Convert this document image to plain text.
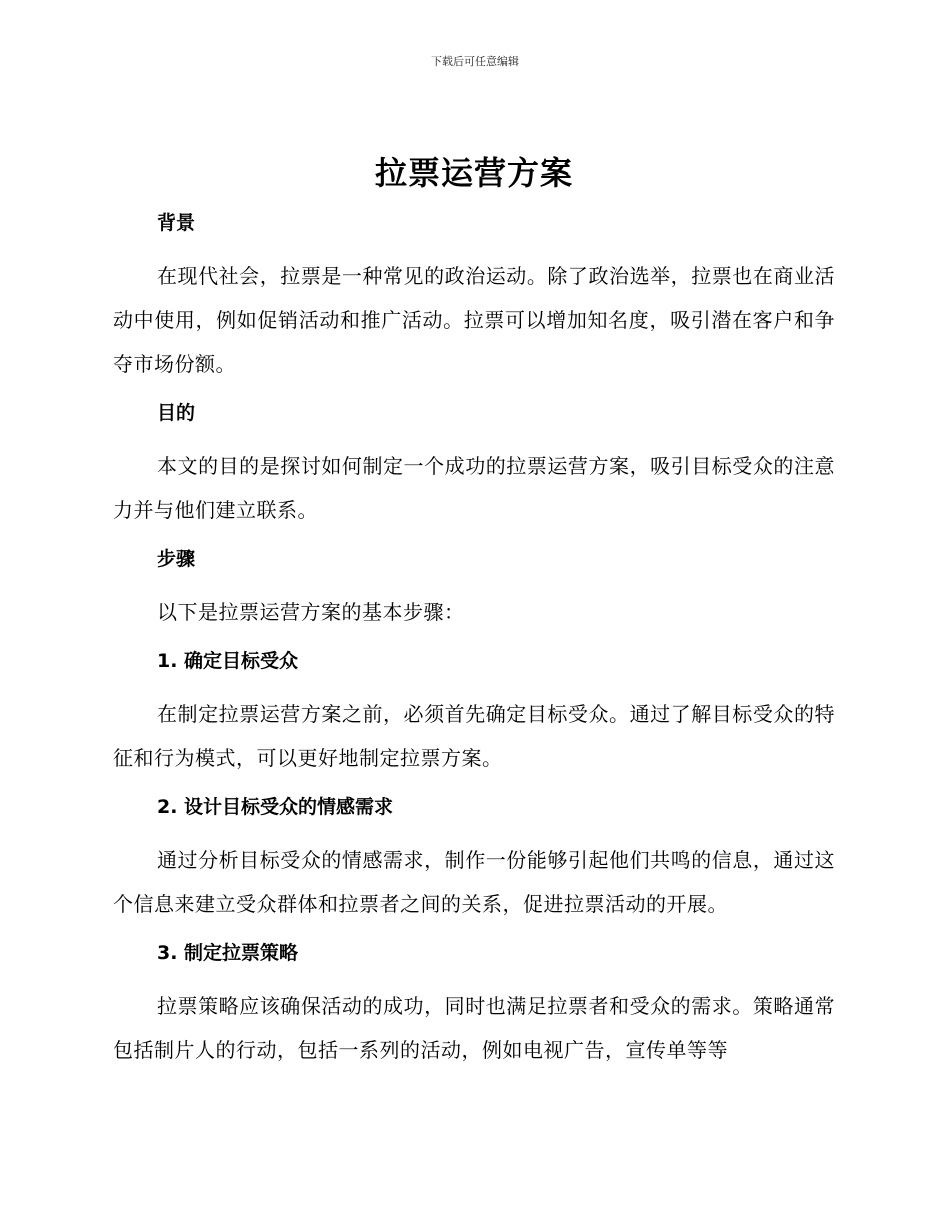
下载后可任意编辑
拉票运营方案
背景

在现代社会，拉票是一种常见的政治运动。除了政治选举，拉票也在商业活动中使用，例如促销活动和推广活动。拉票可以增加知名度，吸引潜在客户和争夺市场份额。

目的

本文的目的是探讨如何制定一个成功的拉票运营方案，吸引目标受众的注意力并与他们建立联系。

步骤

以下是拉票运营方案的基本步骤：

1. 确定目标受众

在制定拉票运营方案之前，必须首先确定目标受众。通过了解目标受众的特征和行为模式，可以更好地制定拉票方案。

2. 设计目标受众的情感需求

通过分析目标受众的情感需求，制作一份能够引起他们共鸣的信息，通过这个信息来建立受众群体和拉票者之间的关系，促进拉票活动的开展。

3. 制定拉票策略

拉票策略应该确保活动的成功，同时也满足拉票者和受众的需求。策略通常包括制片人的行动，包括一系列的活动，例如电视广告，宣传单等等
